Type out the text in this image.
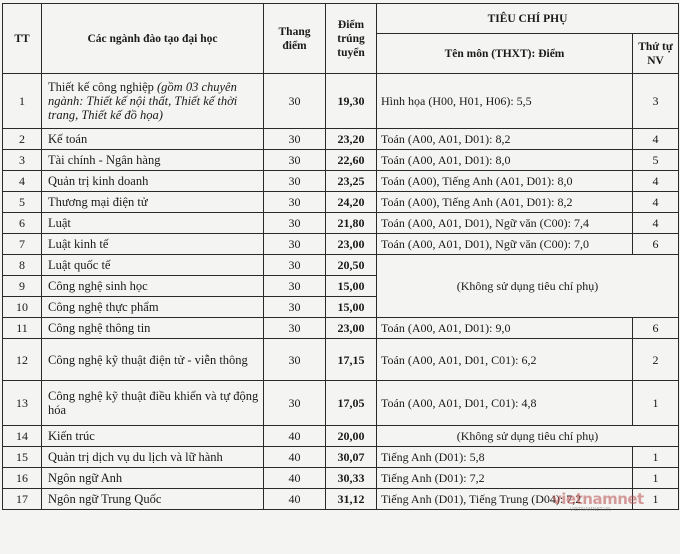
TT	Các ngành đào tạo đại học	Thang điểm	Điểm trúng tuyển	TIÊU CHÍ PHỤ	
				Tên môn (THXT): Điểm	Thứ tự NV
1	Thiết kế công nghiệp (gồm 03 chuyên ngành: Thiết kế nội thất, Thiết kế thời trang, Thiết kế đồ họa)	30	19,30	Hình họa (H00, H01, H06): 5,5	3
2	Kế toán	30	23,20	Toán (A00, A01, D01): 8,2	4
3	Tài chính - Ngân hàng	30	22,60	Toán (A00, A01, D01): 8,0	5
4	Quản trị kinh doanh	30	23,25	Toán (A00), Tiếng Anh (A01, D01): 8,0	4
5	Thương mại điện tử	30	24,20	Toán (A00), Tiếng Anh (A01, D01): 8,2	4
6	Luật	30	21,80	Toán (A00, A01, D01), Ngữ văn (C00): 7,4	4
7	Luật kinh tế	30	23,00	Toán (A00, A01, D01), Ngữ văn (C00): 7,0	6
8	Luật quốc tế	30	20,50	(Không sử dụng tiêu chí phụ)	
9	Công nghệ sinh học	30	15,00		
10	Công nghệ thực phẩm	30	15,00		
11	Công nghệ thông tin	30	23,00	Toán (A00, A01, D01): 9,0	6
12	Công nghệ kỹ thuật điện tử - viễn thông	30	17,15	Toán (A00, A01, D01, C01): 6,2	2
13	Công nghệ kỹ thuật điều khiển và tự động hóa	30	17,05	Toán (A00, A01, D01, C01): 4,8	1
14	Kiến trúc	40	20,00	(Không sử dụng tiêu chí phụ)	
15	Quản trị dịch vụ du lịch và lữ hành	40	30,07	Tiếng Anh (D01): 5,8	1
16	Ngôn ngữ Anh	40	30,33	Tiếng Anh (D01): 7,2	1
17	Ngôn ngữ Trung Quốc	40	31,12	Tiếng Anh (D01), Tiếng Trung (D04): 7,2	1
vietnamnet
VIETNAMNET.VN
